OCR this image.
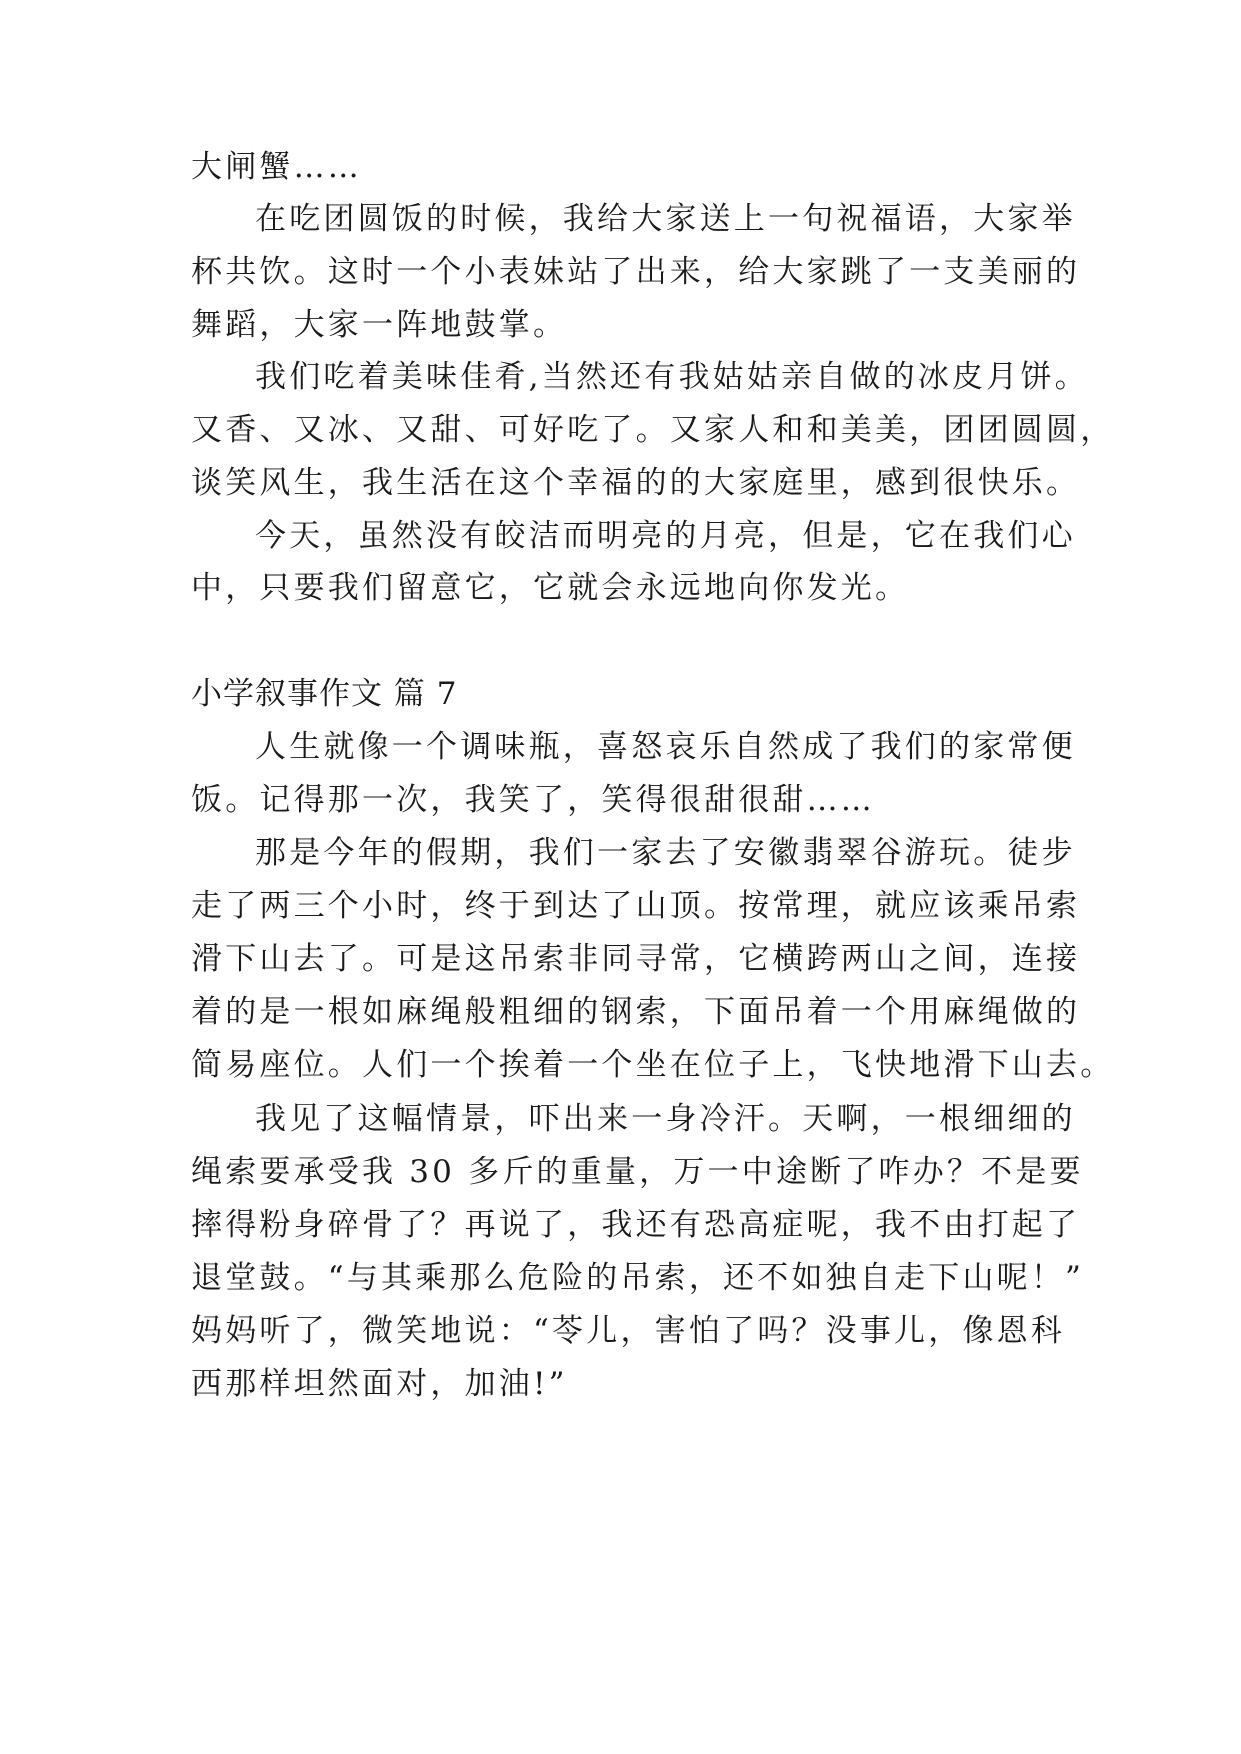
大闸蟹……
在吃团圆饭的时候，我给大家送上一句祝福语，大家举
杯共饮。这时一个小表妹站了出来，给大家跳了一支美丽的
舞蹈，大家一阵地鼓掌。
我们吃着美味佳肴,当然还有我姑姑亲自做的冰皮月饼。
又香、又冰、又甜、可好吃了。又家人和和美美，团团圆圆，
谈笑风生，我生活在这个幸福的的大家庭里，感到很快乐。
今天，虽然没有皎洁而明亮的月亮，但是，它在我们心
中，只要我们留意它，它就会永远地向你发光。
小学叙事作文 篇 7
人生就像一个调味瓶，喜怒哀乐自然成了我们的家常便
饭。记得那一次，我笑了，笑得很甜很甜……
那是今年的假期，我们一家去了安徽翡翠谷游玩。徒步
走了两三个小时，终于到达了山顶。按常理，就应该乘吊索
滑下山去了。可是这吊索非同寻常，它横跨两山之间，连接
着的是一根如麻绳般粗细的钢索，下面吊着一个用麻绳做的
简易座位。人们一个挨着一个坐在位子上，飞快地滑下山去。
我见了这幅情景，吓出来一身冷汗。天啊，一根细细的
绳索要承受我 30 多斤的重量，万一中途断了咋办？不是要
摔得粉身碎骨了？再说了，我还有恐高症呢，我不由打起了
退堂鼓。“与其乘那么危险的吊索，还不如独自走下山呢！”
妈妈听了，微笑地说：“苓儿，害怕了吗？没事儿，像恩科
西那样坦然面对，加油!”
